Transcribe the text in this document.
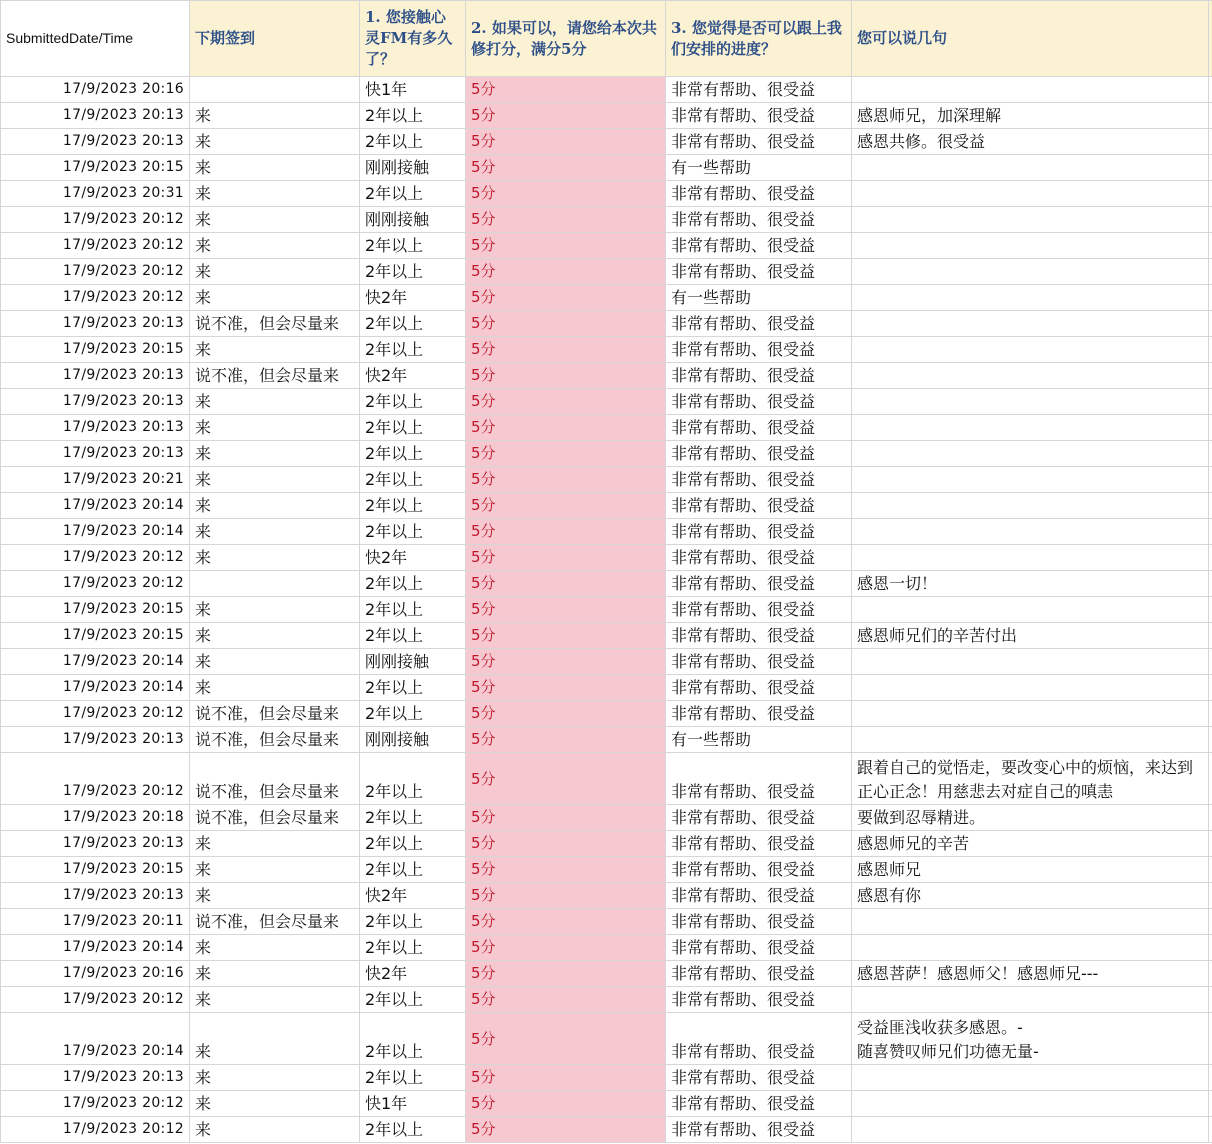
SubmittedDate/Time	下期签到	1. 您接触心灵FM有多久了？	2. 如果可以，请您给本次共修打分，满分5分	3. 您觉得是否可以跟上我们安排的进度？	您可以说几句	
17/9/2023 20:16		快1年	5分	非常有帮助、很受益		
17/9/2023 20:13	来	2年以上	5分	非常有帮助、很受益	感恩师兄，加深理解	
17/9/2023 20:13	来	2年以上	5分	非常有帮助、很受益	感恩共修。很受益	
17/9/2023 20:15	来	刚刚接触	5分	有一些帮助		
17/9/2023 20:31	来	2年以上	5分	非常有帮助、很受益		
17/9/2023 20:12	来	刚刚接触	5分	非常有帮助、很受益		
17/9/2023 20:12	来	2年以上	5分	非常有帮助、很受益		
17/9/2023 20:12	来	2年以上	5分	非常有帮助、很受益		
17/9/2023 20:12	来	快2年	5分	有一些帮助		
17/9/2023 20:13	说不准，但会尽量来	2年以上	5分	非常有帮助、很受益		
17/9/2023 20:15	来	2年以上	5分	非常有帮助、很受益		
17/9/2023 20:13	说不准，但会尽量来	快2年	5分	非常有帮助、很受益		
17/9/2023 20:13	来	2年以上	5分	非常有帮助、很受益		
17/9/2023 20:13	来	2年以上	5分	非常有帮助、很受益		
17/9/2023 20:13	来	2年以上	5分	非常有帮助、很受益		
17/9/2023 20:21	来	2年以上	5分	非常有帮助、很受益		
17/9/2023 20:14	来	2年以上	5分	非常有帮助、很受益		
17/9/2023 20:14	来	2年以上	5分	非常有帮助、很受益		
17/9/2023 20:12	来	快2年	5分	非常有帮助、很受益		
17/9/2023 20:12		2年以上	5分	非常有帮助、很受益	感恩一切！	
17/9/2023 20:15	来	2年以上	5分	非常有帮助、很受益		
17/9/2023 20:15	来	2年以上	5分	非常有帮助、很受益	感恩师兄们的辛苦付出	
17/9/2023 20:14	来	刚刚接触	5分	非常有帮助、很受益		
17/9/2023 20:14	来	2年以上	5分	非常有帮助、很受益		
17/9/2023 20:12	说不准，但会尽量来	2年以上	5分	非常有帮助、很受益		
17/9/2023 20:13	说不准，但会尽量来	刚刚接触	5分	有一些帮助		
17/9/2023 20:12	说不准，但会尽量来	2年以上	5分	非常有帮助、很受益	跟着自己的觉悟走，要改变心中的烦恼，来达到正心正念！用慈悲去对症自己的嗔恚	
17/9/2023 20:18	说不准，但会尽量来	2年以上	5分	非常有帮助、很受益	要做到忍辱精进。	
17/9/2023 20:13	来	2年以上	5分	非常有帮助、很受益	感恩师兄的辛苦	
17/9/2023 20:15	来	2年以上	5分	非常有帮助、很受益	感恩师兄	
17/9/2023 20:13	来	快2年	5分	非常有帮助、很受益	感恩有你	
17/9/2023 20:11	说不准，但会尽量来	2年以上	5分	非常有帮助、很受益		
17/9/2023 20:14	来	2年以上	5分	非常有帮助、很受益		
17/9/2023 20:16	来	快2年	5分	非常有帮助、很受益	感恩菩萨！感恩师父！感恩师兄---	
17/9/2023 20:12	来	2年以上	5分	非常有帮助、很受益		
17/9/2023 20:14	来	2年以上	5分	非常有帮助、很受益	受益匪浅收获多感恩。-
随喜赞叹师兄们功德无量-	
17/9/2023 20:13	来	2年以上	5分	非常有帮助、很受益		
17/9/2023 20:12	来	快1年	5分	非常有帮助、很受益		
17/9/2023 20:12	来	2年以上	5分	非常有帮助、很受益		
